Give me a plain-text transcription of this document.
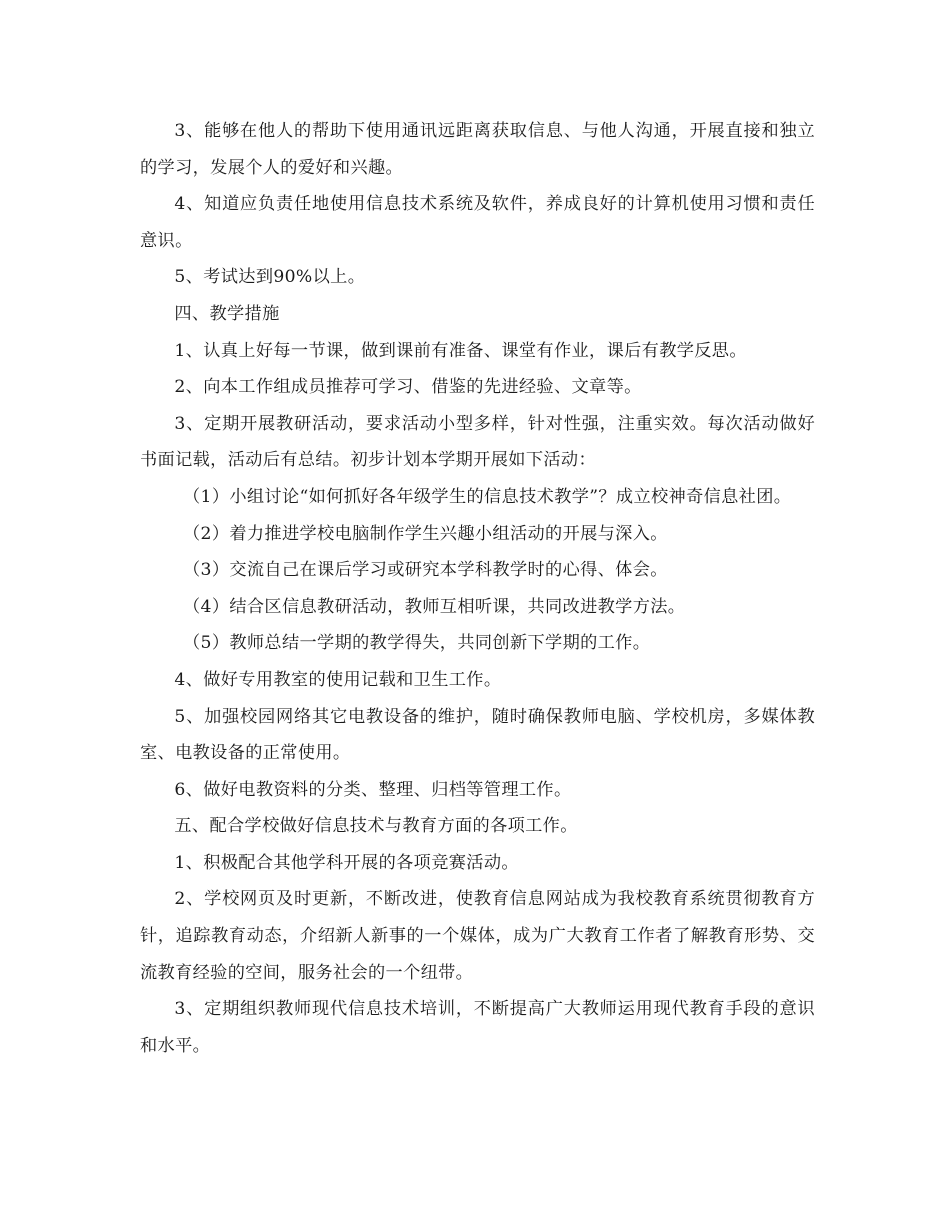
3、能够在他人的帮助下使用通讯远距离获取信息、与他人沟通，开展直接和独立的学习，发展个人的爱好和兴趣。

4、知道应负责任地使用信息技术系统及软件，养成良好的计算机使用习惯和责任意识。

5、考试达到90%以上。

四、教学措施

1、认真上好每一节课，做到课前有准备、课堂有作业，课后有教学反思。

2、向本工作组成员推荐可学习、借鉴的先进经验、文章等。

3、定期开展教研活动，要求活动小型多样，针对性强，注重实效。每次活动做好书面记载，活动后有总结。初步计划本学期开展如下活动：

（1）小组讨论“如何抓好各年级学生的信息技术教学”？成立校神奇信息社团。

（2）着力推进学校电脑制作学生兴趣小组活动的开展与深入。

（3）交流自己在课后学习或研究本学科教学时的心得、体会。

（4）结合区信息教研活动，教师互相听课，共同改进教学方法。

（5）教师总结一学期的教学得失，共同创新下学期的工作。

4、做好专用教室的使用记载和卫生工作。

5、加强校园网络其它电教设备的维护，随时确保教师电脑、学校机房，多媒体教室、电教设备的正常使用。

6、做好电教资料的分类、整理、归档等管理工作。

五、配合学校做好信息技术与教育方面的各项工作。

1、积极配合其他学科开展的各项竞赛活动。

2、学校网页及时更新，不断改进，使教育信息网站成为我校教育系统贯彻教育方针，追踪教育动态，介绍新人新事的一个媒体，成为广大教育工作者了解教育形势、交流教育经验的空间，服务社会的一个纽带。

3、定期组织教师现代信息技术培训，不断提高广大教师运用现代教育手段的意识和水平。
